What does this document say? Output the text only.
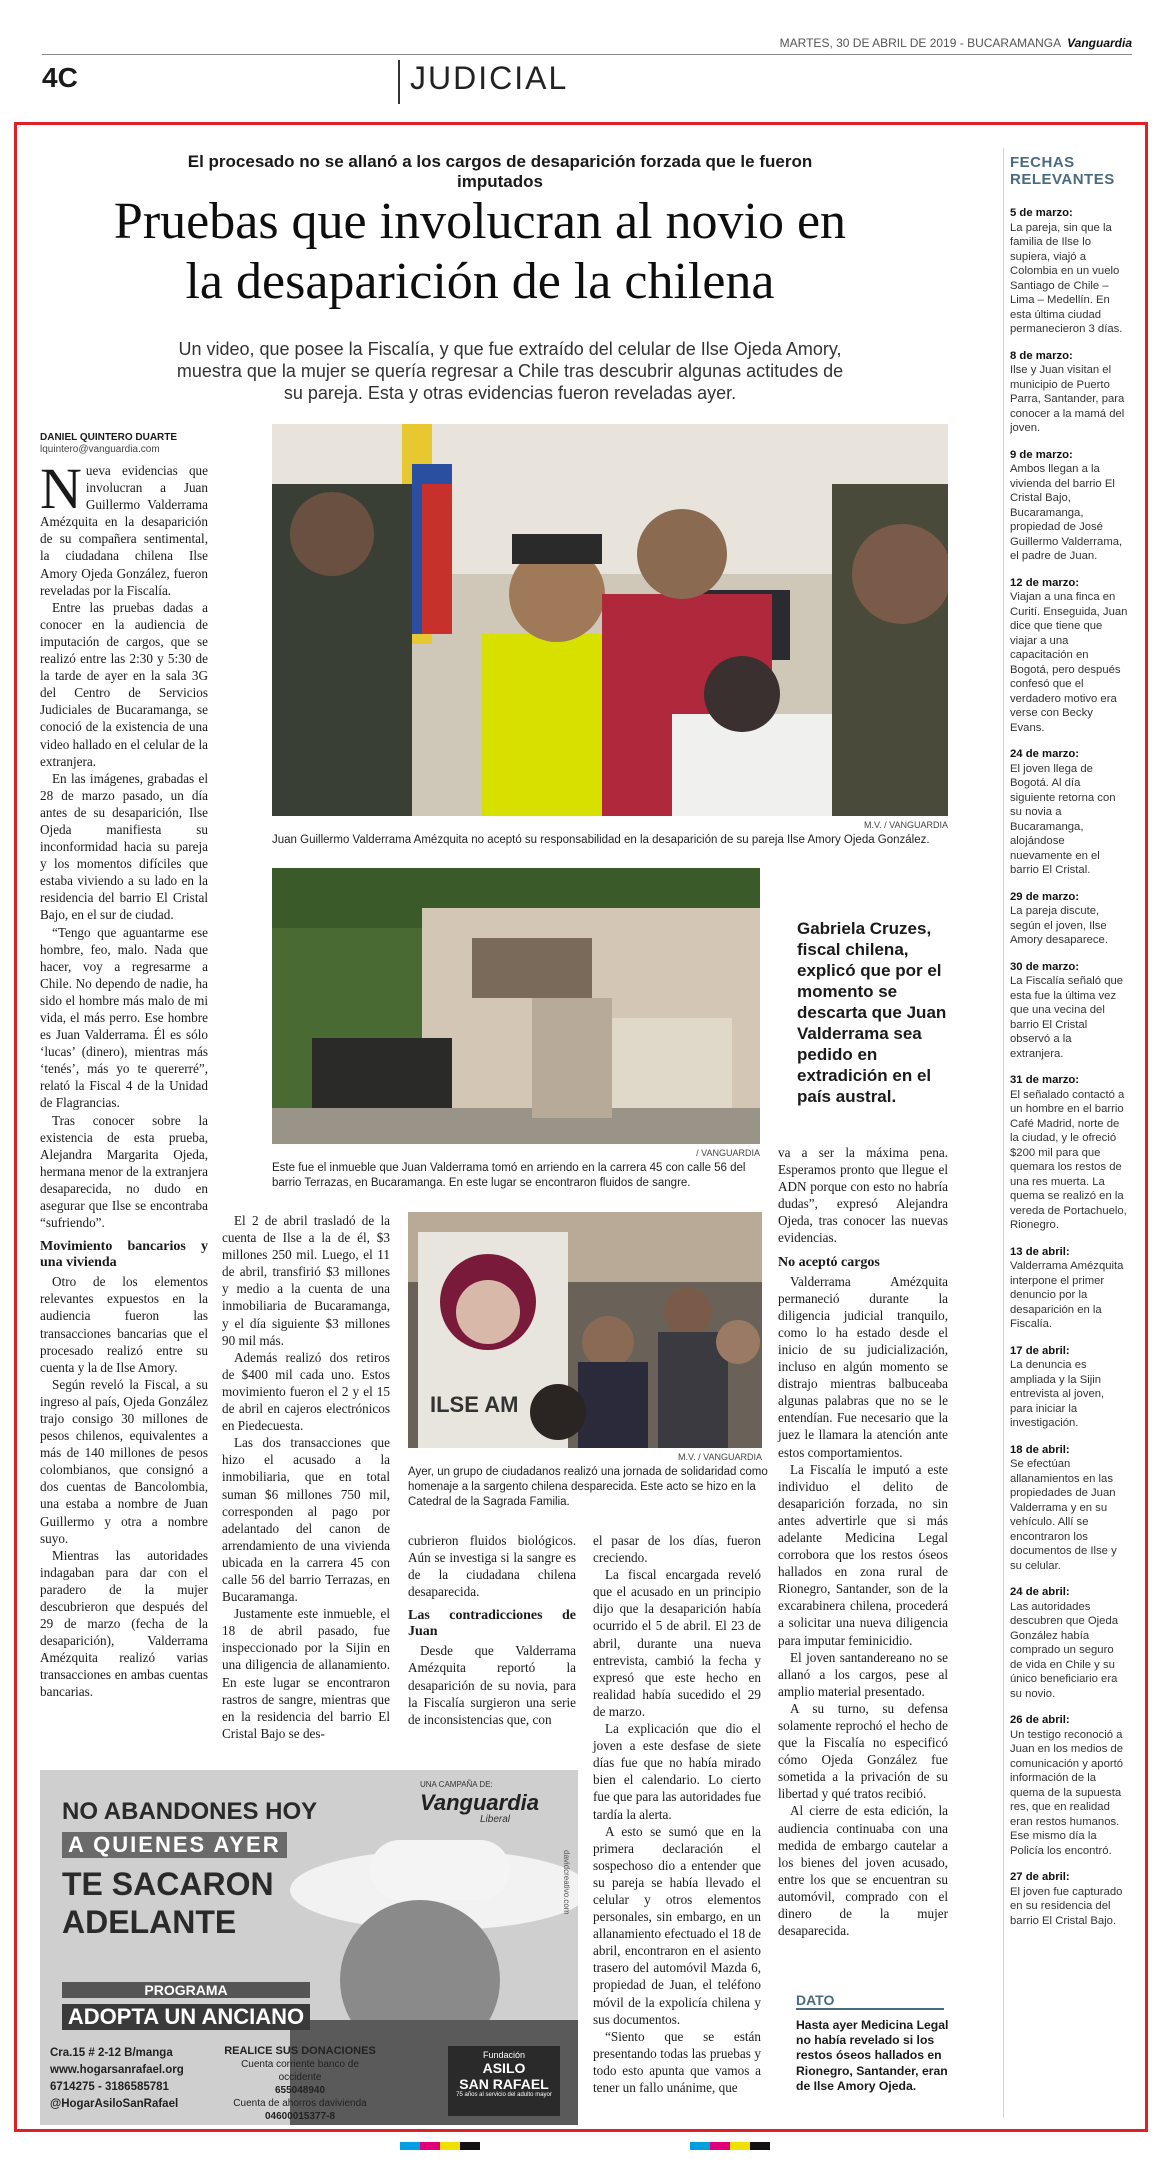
MARTES, 30 DE ABRIL DE 2019 - BUCARAMANGA Vanguardia
4C	JUDICIAL
El procesado no se allanó a los cargos de desaparición forzada que le fueron imputados
Pruebas que involucran al novio en la desaparición de la chilena
Un video, que posee la Fiscalía, y que fue extraído del celular de Ilse Ojeda Amory, muestra que la mujer se quería regresar a Chile tras descubrir algunas actitudes de su pareja. Esta y otras evidencias fueron reveladas ayer.
DANIEL QUINTERO DUARTE
lquintero@vanguardia.com
N ueva evidencias que involucran a Juan Guillermo Valderrama Amézquita en la desaparición de su compañera sentimental, la ciudadana chilena Ilse Amory Ojeda González, fueron reveladas por la Fiscalía.

Entre las pruebas dadas a conocer en la audiencia de imputación de cargos, que se realizó entre las 2:30 y 5:30 de la tarde de ayer en la sala 3G del Centro de Servicios Judiciales de Bucaramanga, se conoció de la existencia de una video hallado en el celular de la extranjera.

En las imágenes, grabadas el 28 de marzo pasado, un día antes de su desaparición, Ilse Ojeda manifiesta su inconformidad hacia su pareja y los momentos difíciles que estaba viviendo a su lado en la residencia del barrio El Cristal Bajo, en el sur de ciudad.

“Tengo que aguantarme ese hombre, feo, malo. Nada que hacer, voy a regresarme a Chile. No dependo de nadie, ha sido el hombre más malo de mi vida, el más perro. Ese hombre es Juan Valderrama. Él es sólo ‘lucas’ (dinero), mientras más ‘tenés’, más yo te quererré”, relató la Fiscal 4 de la Unidad de Flagrancias.

Tras conocer sobre la existencia de esta prueba, Alejandra Margarita Ojeda, hermana menor de la extranjera desaparecida, no dudo en asegurar que Ilse se encontraba “sufriendo”.

Movimiento bancarios y una vivienda

Otro de los elementos relevantes expuestos en la audiencia fueron las transacciones bancarias que el procesado realizó entre su cuenta y la de Ilse Amory.

Según reveló la Fiscal, a su ingreso al país, Ojeda González trajo consigo 30 millones de pesos chilenos, equivalentes a más de 140 millones de pesos colombianos, que consignó a dos cuentas de Bancolombia, una estaba a nombre de Juan Guillermo y otra a nombre suyo.

Mientras las autoridades indagaban para dar con el paradero de la mujer descubrieron que después del 29 de marzo (fecha de la desaparición), Valderrama Amézquita realizó varias transacciones en ambas cuentas bancarias.

M.V. / VANGUARDIA
Juan Guillermo Valderrama Amézquita no aceptó su responsabilidad en la desaparición de su pareja Ilse Amory Ojeda González.
/ VANGUARDIA
Este fue el inmueble que Juan Valderrama tomó en arriendo en la carrera 45 con calle 56 del barrio Terrazas, en Bucaramanga. En este lugar se encontraron fluidos de sangre.
Gabriela Cruzes, fiscal chilena, explicó que por el momento se descarta que Juan Valderrama sea pedido en extradición en el país austral.

El 2 de abril trasladó de la cuenta de Ilse a la de él, $3 millones 250 mil. Luego, el 11 de abril, transfirió $3 millones y medio a la cuenta de una inmobiliaria de Bucaramanga, y el día siguiente $3 millones 90 mil más.

Además realizó dos retiros de $400 mil cada uno. Estos movimiento fueron el 2 y el 15 de abril en cajeros electrónicos en Piedecuesta.

Las dos transacciones que hizo el acusado a la inmobiliaria, que en total suman $6 millones 750 mil, corresponden al pago por adelantado del canon de arrendamiento de una vivienda ubicada en la carrera 45 con calle 56 del barrio Terrazas, en Bucaramanga.

Justamente este inmueble, el 18 de abril pasado, fue inspeccionado por la Sijin en una diligencia de allanamiento. En este lugar se encontraron rastros de sangre, mientras que en la residencia del barrio El Cristal Bajo se des-

ILSE AM
M.V. / VANGUARDIA
Ayer, un grupo de ciudadanos realizó una jornada de solidaridad como homenaje a la sargento chilena desparecida. Este acto se hizo en la Catedral de la Sagrada Familia.

cubrieron fluidos biológicos. Aún se investiga si la sangre es de la ciudadana chilena desaparecida.

Las contradicciones de Juan

Desde que Valderrama Amézquita reportó la desaparición de su novia, para la Fiscalía surgieron una serie de inconsistencias que, con

el pasar de los días, fueron creciendo.

La fiscal encargada reveló que el acusado en un principio dijo que la desaparición había ocurrido el 5 de abril. El 23 de abril, durante una nueva entrevista, cambió la fecha y expresó que este hecho en realidad había sucedido el 29 de marzo.

La explicación que dio el joven a este desfase de siete días fue que no había mirado bien el calendario. Lo cierto fue que para las autoridades fue tardía la alerta.

A esto se sumó que en la primera declaración el sospechoso dio a entender que su pareja se había llevado el celular y otros elementos personales, sin embargo, en un allanamiento efectuado el 18 de abril, encontraron en el asiento trasero del automóvil Mazda 6, propiedad de Juan, el teléfono móvil de la expolicía chilena y sus documentos.

“Siento que se están presentando todas las pruebas y todo esto apunta que vamos a tener un fallo unánime, que

va a ser la máxima pena. Esperamos pronto que llegue el ADN porque con esto no habría dudas”, expresó Alejandra Ojeda, tras conocer las nuevas evidencias.

No aceptó cargos

Valderrama Amézquita permaneció durante la diligencia judicial tranquilo, como lo ha estado desde el inicio de su judicialización, incluso en algún momento se distrajo mientras balbuceaba algunas palabras que no se le entendían. Fue necesario que la juez le llamara la atención ante estos comportamientos.

La Fiscalía le imputó a este individuo el delito de desaparición forzada, no sin antes advertirle que si más adelante Medicina Legal corrobora que los restos óseos hallados en zona rural de Rionegro, Santander, son de la excarabinera chilena, procederá a solicitar una nueva diligencia para imputar feminicidio.

El joven santandereano no se allanó a los cargos, pese al amplio material presentado.

A su turno, su defensa solamente reprochó el hecho de que la Fiscalía no especificó cómo Ojeda González fue sometida a la privación de su libertad y qué tratos recibió.

Al cierre de esta edición, la audiencia continuaba con una medida de embargo cautelar a los bienes del joven acusado, entre los que se encuentran su automóvil, comprado con el dinero de la mujer desaparecida.

DATO
Hasta ayer Medicina Legal no había revelado si los restos óseos hallados en Rionegro, Santander, eran de Ilse Amory Ojeda.
FECHAS RELEVANTES
5 de marzo:
La pareja, sin que la familia de Ilse lo supiera, viajó a Colombia en un vuelo Santiago de Chile – Lima – Medellín. En esta última ciudad permanecieron 3 días.
8 de marzo:
Ilse y Juan visitan el municipio de Puerto Parra, Santander, para conocer a la mamá del joven.
9 de marzo:
Ambos llegan a la vivienda del barrio El Cristal Bajo, Bucaramanga, propiedad de José Guillermo Valderrama, el padre de Juan.
12 de marzo:
Viajan a una finca en Curití. Enseguida, Juan dice que tiene que viajar a una capacitación en Bogotá, pero después confesó que el verdadero motivo era verse con Becky Evans.
24 de marzo:
El joven llega de Bogotá. Al día siguiente retorna con su novia a Bucaramanga, alojándose nuevamente en el barrio El Cristal.
29 de marzo:
La pareja discute, según el joven, Ilse Amory desaparece.
30 de marzo:
La Fiscalía señaló que esta fue la última vez que una vecina del barrio El Cristal observó a la extranjera.
31 de marzo:
El señalado contactó a un hombre en el barrio Café Madrid, norte de la ciudad, y le ofreció $200 mil para que quemara los restos de una res muerta. La quema se realizó en la vereda de Portachuelo, Rionegro.
13 de abril:
Valderrama Amézquita interpone el primer denuncio por la desaparición en la Fiscalía.
17 de abril:
La denuncia es ampliada y la Sijin entrevista al joven, para iniciar la investigación.
18 de abril:
Se efectúan allanamientos en las propiedades de Juan Valderrama y en su vehículo. Allí se encontraron los documentos de Ilse y su celular.
24 de abril:
Las autoridades descubren que Ojeda González había comprado un seguro de vida en Chile y su único beneficiario era su novio.
26 de abril:
Un testigo reconoció a Juan en los medios de comunicación y aportó información de la quema de la supuesta res, que en realidad eran restos humanos. Ese mismo día la Policía los encontró.
27 de abril:
El joven fue capturado en su residencia del barrio El Cristal Bajo.
UNA CAMPAÑA DE:
Vanguardia
Liberal
NO ABANDONES HOY
A QUIENES AYER
TE SACARON
ADELANTE
PROGRAMA
ADOPTA UN ANCIANO
Cra.15 # 2-12 B/manga
www.hogarsanrafael.org
6714275 - 3186585781
@HogarAsiloSanRafael
REALICE SUS DONACIONES
Cuenta corriente banco de occidente
655048940
Cuenta de ahorros davivienda
04600015377-8
Fundación
ASILO
SAN RAFAEL
75 años al servicio del adulto mayor
davidcreativo.com
